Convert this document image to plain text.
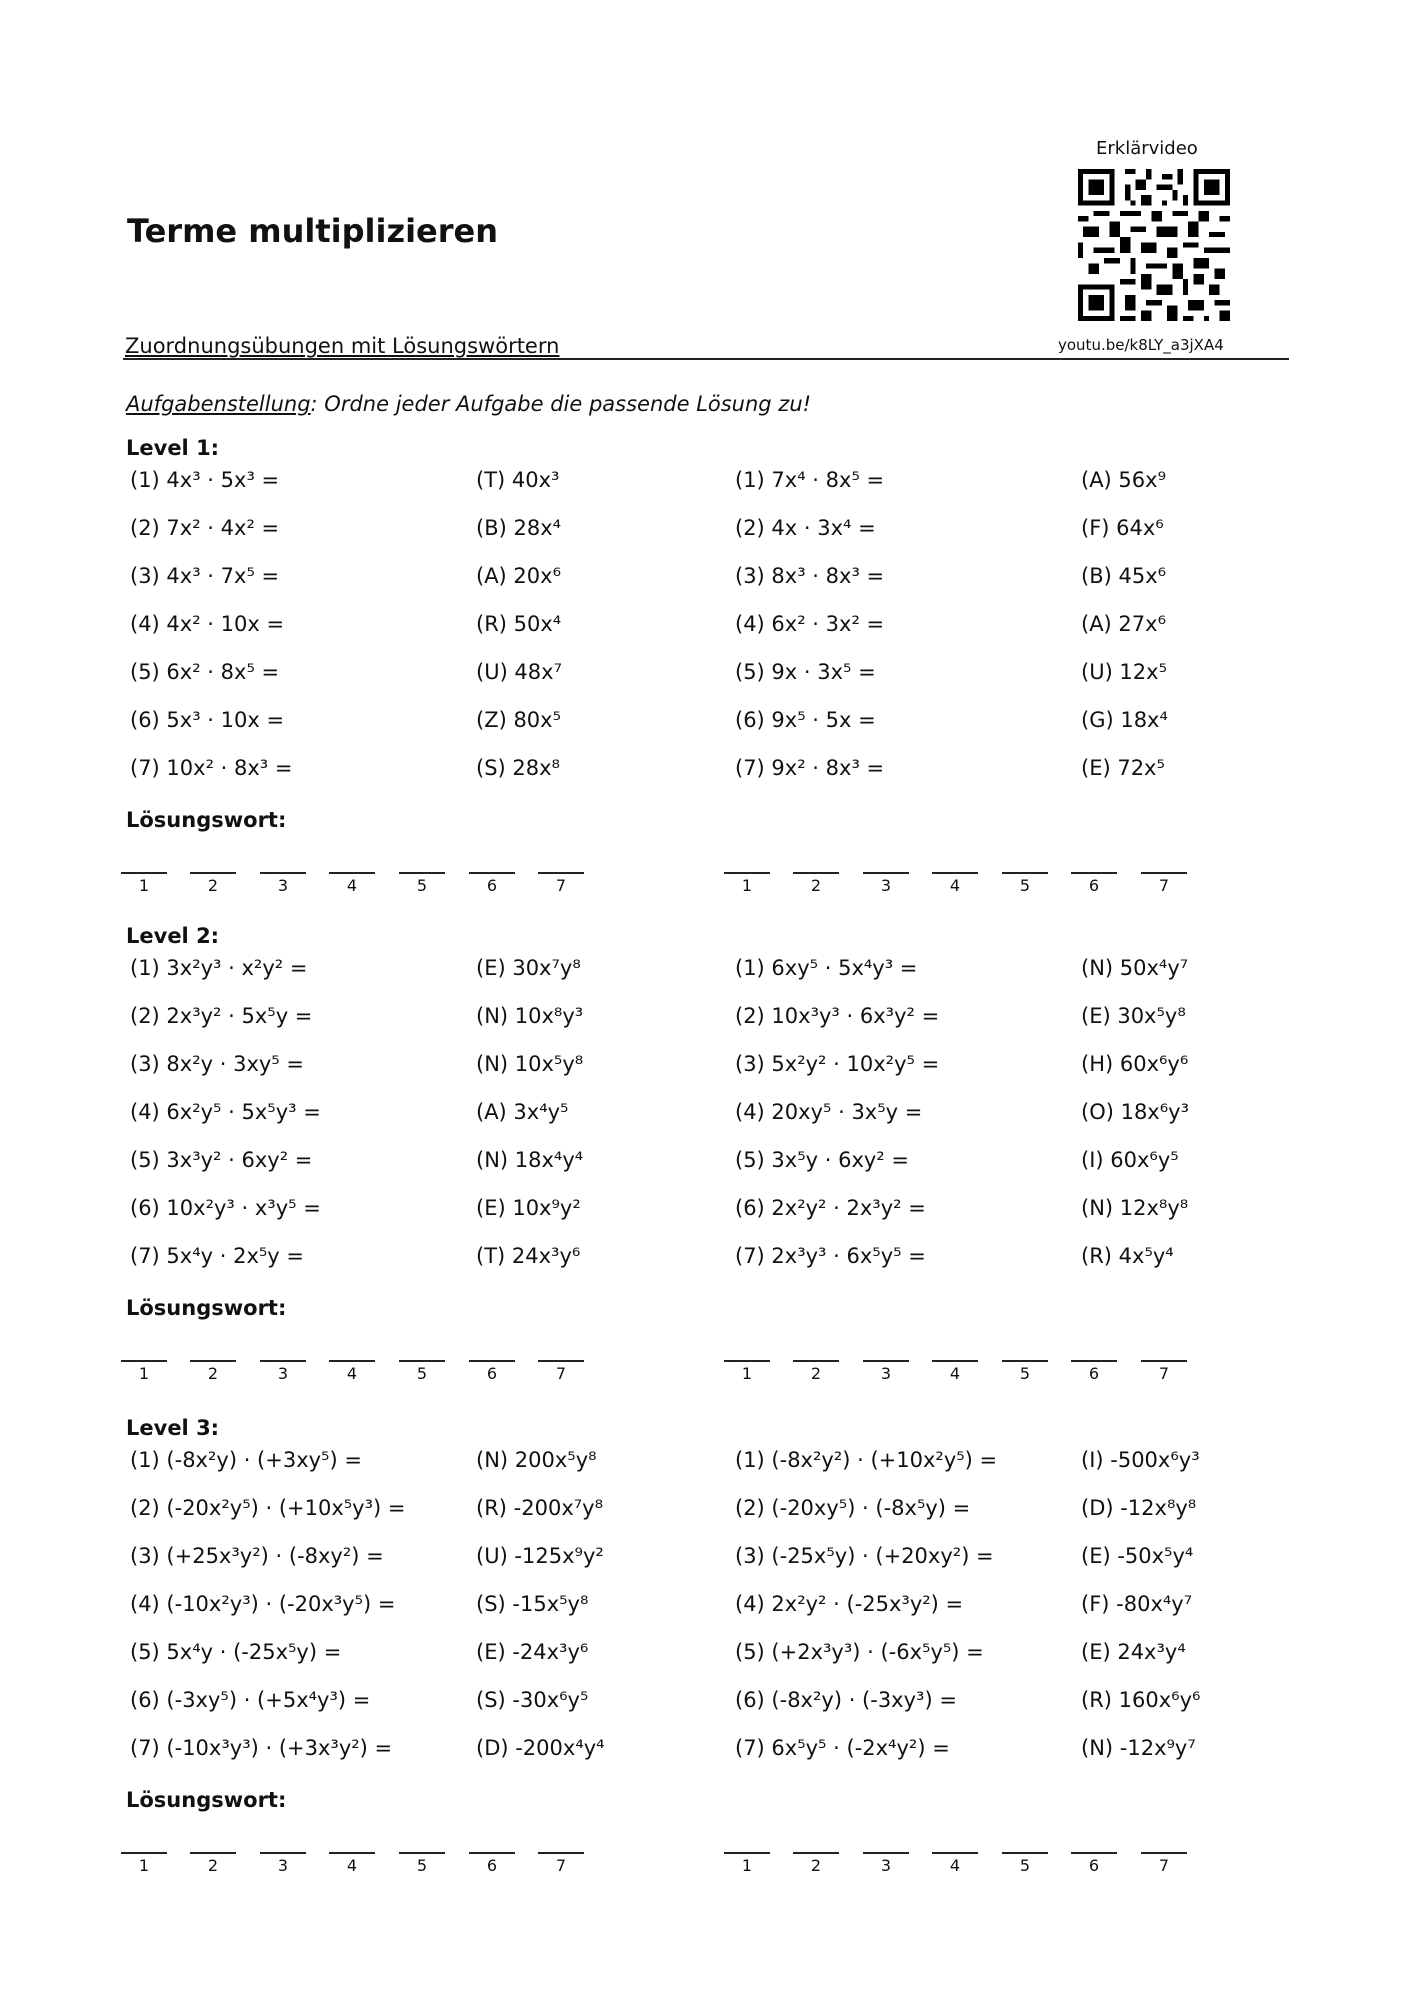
Terme multiplizieren
Erklärvideo
youtu.be/k8LY_a3jXA4
Zuordnungsübungen mit Lösungswörtern
Aufgabenstellung: Ordne jeder Aufgabe die passende Lösung zu!
Level 1:
(1) 4x³ · 5x³ =	(T) 40x³
(2) 7x² · 4x² =	(B) 28x⁴
(3) 4x³ · 7x⁵ =	(A) 20x⁶
(4) 4x² · 10x =	(R) 50x⁴
(5) 6x² · 8x⁵ =	(U) 48x⁷
(6) 5x³ · 10x =	(Z) 80x⁵
(7) 10x² · 8x³ =	(S) 28x⁸
(1) 7x⁴ · 8x⁵ =	(A) 56x⁹
(2) 4x · 3x⁴ =	(F) 64x⁶
(3) 8x³ · 8x³ =	(B) 45x⁶
(4) 6x² · 3x² =	(A) 27x⁶
(5) 9x · 3x⁵ =	(U) 12x⁵
(6) 9x⁵ · 5x =	(G) 18x⁴
(7) 9x² · 8x³ =	(E) 72x⁵
Lösungswort:
1	2	3	4	5	6	7	1	2	3	4	5	6	7
Level 2:
(1) 3x²y³ · x²y² =	(E) 30x⁷y⁸
(2) 2x³y² · 5x⁵y =	(N) 10x⁸y³
(3) 8x²y · 3xy⁵ =	(N) 10x⁵y⁸
(4) 6x²y⁵ · 5x⁵y³ =	(A) 3x⁴y⁵
(5) 3x³y² · 6xy² =	(N) 18x⁴y⁴
(6) 10x²y³ · x³y⁵ =	(E) 10x⁹y²
(7) 5x⁴y · 2x⁵y =	(T) 24x³y⁶
(1) 6xy⁵ · 5x⁴y³ =	(N) 50x⁴y⁷
(2) 10x³y³ · 6x³y² =	(E) 30x⁵y⁸
(3) 5x²y² · 10x²y⁵ =	(H) 60x⁶y⁶
(4) 20xy⁵ · 3x⁵y =	(O) 18x⁶y³
(5) 3x⁵y · 6xy² =	(I) 60x⁶y⁵
(6) 2x²y² · 2x³y² =	(N) 12x⁸y⁸
(7) 2x³y³ · 6x⁵y⁵ =	(R) 4x⁵y⁴
Lösungswort:
1	2	3	4	5	6	7	1	2	3	4	5	6	7
Level 3:
(1) (-8x²y) · (+3xy⁵) =	(N) 200x⁵y⁸
(2) (-20x²y⁵) · (+10x⁵y³) =	(R) -200x⁷y⁸
(3) (+25x³y²) · (-8xy²) =	(U) -125x⁹y²
(4) (-10x²y³) · (-20x³y⁵) =	(S) -15x⁵y⁸
(5) 5x⁴y · (-25x⁵y) =	(E) -24x³y⁶
(6) (-3xy⁵) · (+5x⁴y³) =	(S) -30x⁶y⁵
(7) (-10x³y³) · (+3x³y²) =	(D) -200x⁴y⁴
(1) (-8x²y²) · (+10x²y⁵) =	(I) -500x⁶y³
(2) (-20xy⁵) · (-8x⁵y) =	(D) -12x⁸y⁸
(3) (-25x⁵y) · (+20xy²) =	(E) -50x⁵y⁴
(4) 2x²y² · (-25x³y²) =	(F) -80x⁴y⁷
(5) (+2x³y³) · (-6x⁵y⁵) =	(E) 24x³y⁴
(6) (-8x²y) · (-3xy³) =	(R) 160x⁶y⁶
(7) 6x⁵y⁵ · (-2x⁴y²) =	(N) -12x⁹y⁷
Lösungswort:
1	2	3	4	5	6	7	1	2	3	4	5	6	7
